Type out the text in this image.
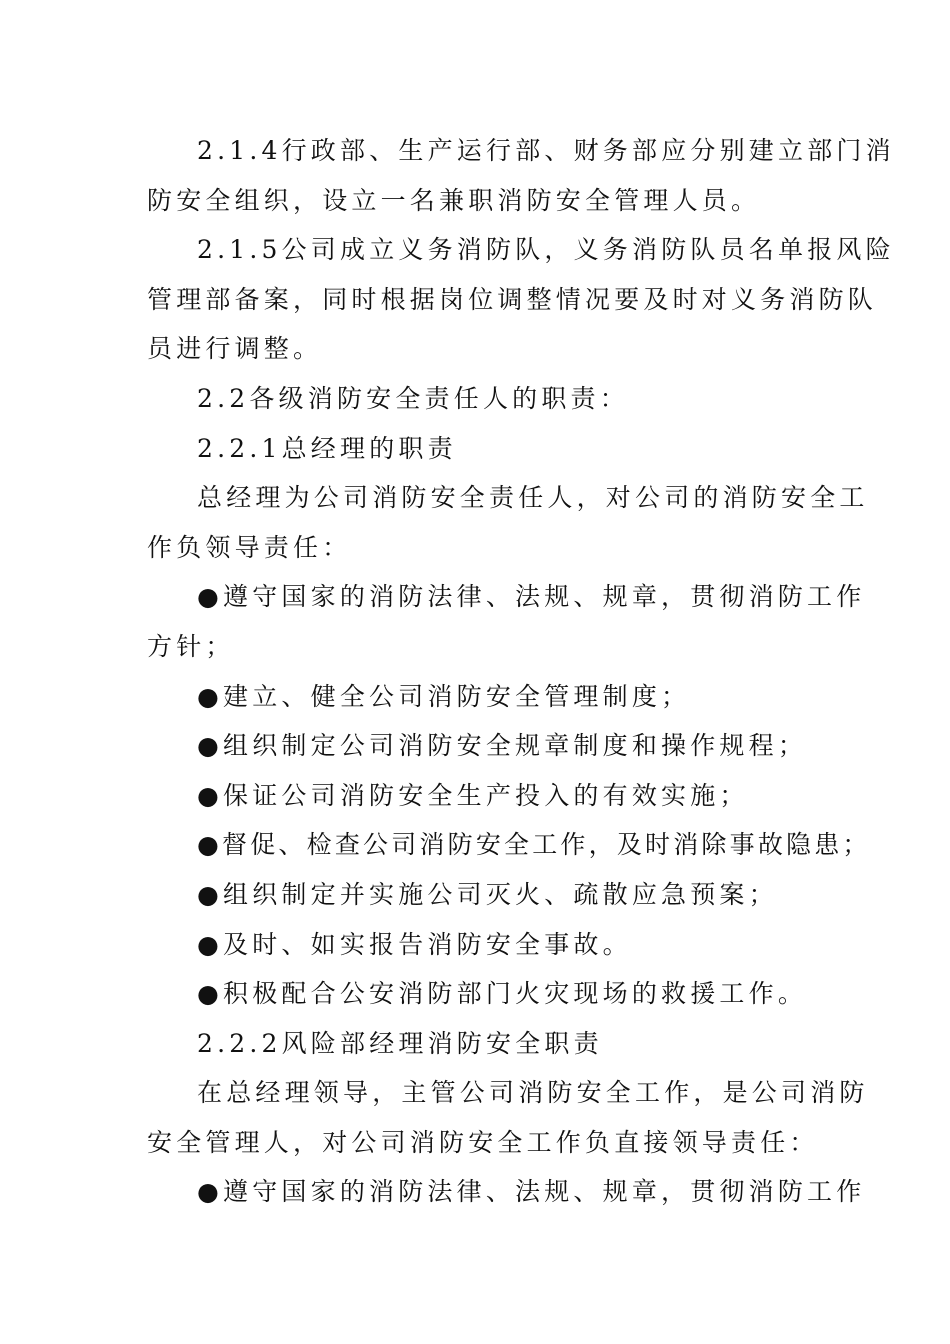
2.1.4行政部、生产运行部、财务部应分别建立部门消
防安全组织，设立一名兼职消防安全管理人员。
2.1.5公司成立义务消防队，义务消防队员名单报风险
管理部备案，同时根据岗位调整情况要及时对义务消防队
员进行调整。
2.2各级消防安全责任人的职责：
2.2.1总经理的职责
总经理为公司消防安全责任人，对公司的消防安全工
作负领导责任：
●遵守国家的消防法律、法规、规章，贯彻消防工作
方针；
●建立、健全公司消防安全管理制度；
●组织制定公司消防安全规章制度和操作规程；
●保证公司消防安全生产投入的有效实施；
●督促、检查公司消防安全工作，及时消除事故隐患；
●组织制定并实施公司灭火、疏散应急预案；
●及时、如实报告消防安全事故。
●积极配合公安消防部门火灾现场的救援工作。
2.2.2风险部经理消防安全职责
在总经理领导，主管公司消防安全工作，是公司消防
安全管理人，对公司消防安全工作负直接领导责任：
●遵守国家的消防法律、法规、规章，贯彻消防工作
